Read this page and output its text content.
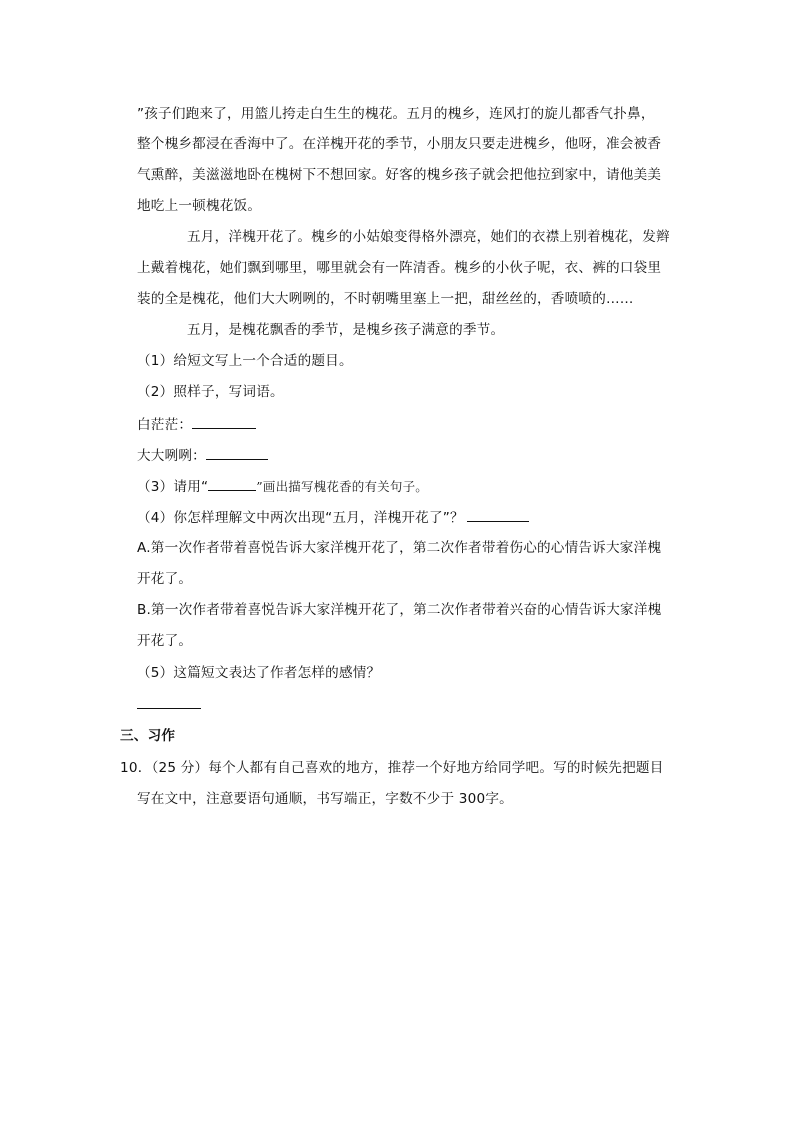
”孩子们跑来了，用篮儿挎走白生生的槐花。五月的槐乡，连风打的旋儿都香气扑鼻，
整个槐乡都浸在香海中了。在洋槐开花的季节，小朋友只要走进槐乡，他呀，准会被香
气熏醉，美滋滋地卧在槐树下不想回家。好客的槐乡孩子就会把他拉到家中，请他美美
地吃上一顿槐花饭。
五月，洋槐开花了。槐乡的小姑娘变得格外漂亮，她们的衣襟上别着槐花，发辫
上戴着槐花，她们飘到哪里，哪里就会有一阵清香。槐乡的小伙子呢，衣、裤的口袋里
装的全是槐花，他们大大咧咧的，不时朝嘴里塞上一把，甜丝丝的，香喷喷的……
五月，是槐花飘香的季节，是槐乡孩子满意的季节。
（1）给短文写上一个合适的题目。
（2）照样子，写词语。
白茫茫：
大大咧咧：
（3）请用“	”画出描写槐花香的有关句子。
（4）你怎样理解文中两次出现“五月，洋槐开花了”？
A.第一次作者带着喜悦告诉大家洋槐开花了，第二次作者带着伤心的心情告诉大家洋槐
开花了。
B.第一次作者带着喜悦告诉大家洋槐开花了，第二次作者带着兴奋的心情告诉大家洋槐
开花了。
（5）这篇短文表达了作者怎样的感情？
三、习作
10．（25 分）每个人都有自己喜欢的地方，推荐一个好地方给同学吧。写的时候先把题目
写在文中，注意要语句通顺，书写端正，字数不少于 300字。
